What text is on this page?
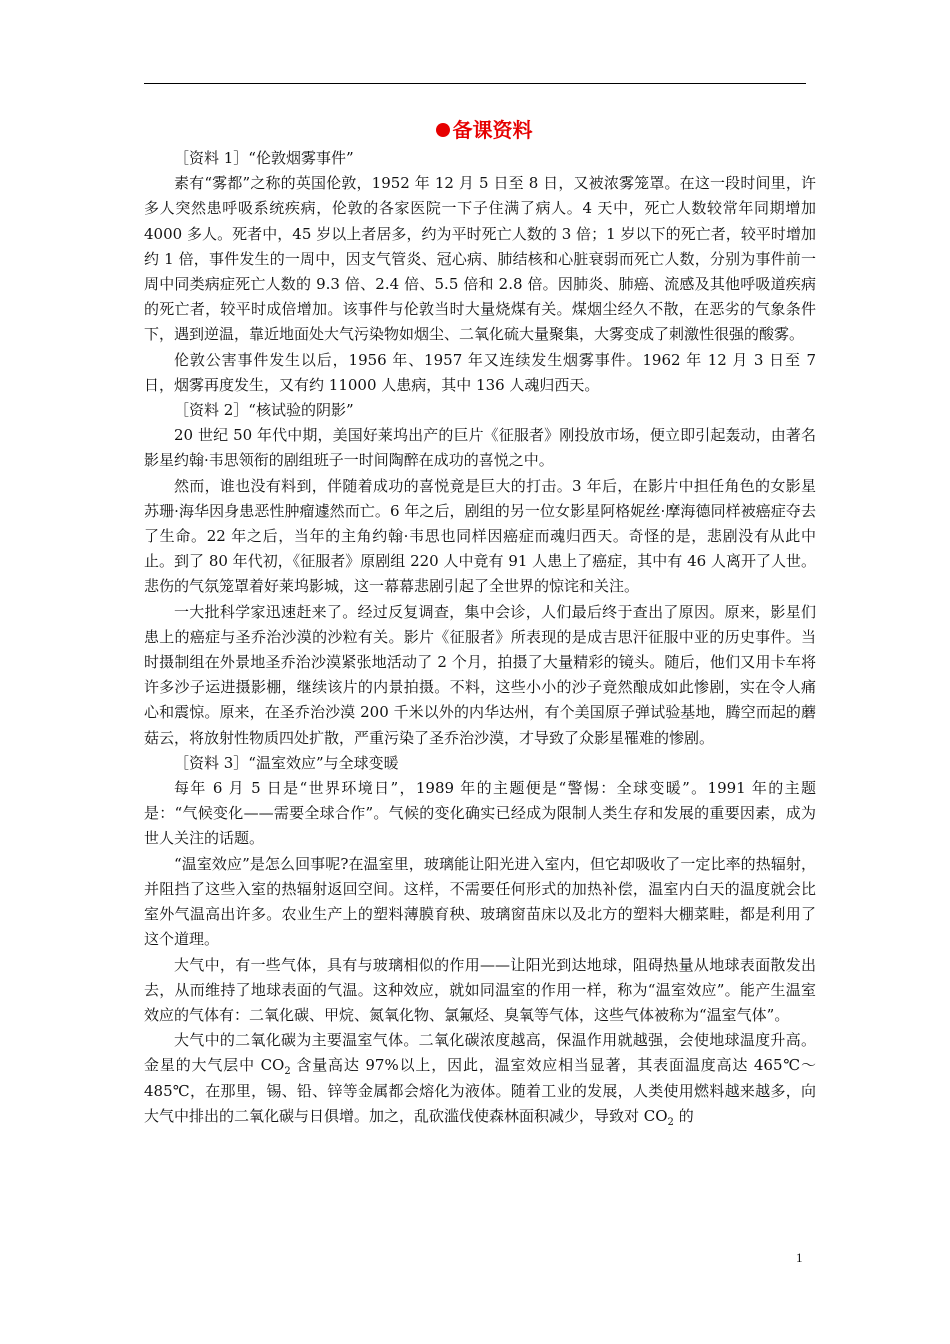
备课资料

［资料 1］“伦敦烟雾事件”

素有“雾都”之称的英国伦敦，1952 年 12 月 5 日至 8 日，又被浓雾笼罩。在这一段时间里，许多人突然患呼吸系统疾病，伦敦的各家医院一下子住满了病人。4 天中，死亡人数较常年同期增加 4000 多人。死者中，45 岁以上者居多，约为平时死亡人数的 3 倍；1 岁以下的死亡者，较平时增加约 1 倍，事件发生的一周中，因支气管炎、冠心病、肺结核和心脏衰弱而死亡人数，分别为事件前一周中同类病症死亡人数的 9.3 倍、2.4 倍、5.5 倍和 2.8 倍。因肺炎、肺癌、流感及其他呼吸道疾病的死亡者，较平时成倍增加。该事件与伦敦当时大量烧煤有关。煤烟尘经久不散，在恶劣的气象条件下，遇到逆温，靠近地面处大气污染物如烟尘、二氧化硫大量聚集，大雾变成了刺激性很强的酸雾。

伦敦公害事件发生以后，1956 年、1957 年又连续发生烟雾事件。1962 年 12 月 3 日至 7 日，烟雾再度发生，又有约 11000 人患病，其中 136 人魂归西天。

［资料 2］“核试验的阴影”

20 世纪 50 年代中期，美国好莱坞出产的巨片《征服者》刚投放市场，便立即引起轰动，由著名影星约翰·韦思领衔的剧组班子一时间陶醉在成功的喜悦之中。

然而，谁也没有料到，伴随着成功的喜悦竟是巨大的打击。3 年后，在影片中担任角色的女影星苏珊·海华因身患恶性肿瘤遽然而亡。6 年之后，剧组的另一位女影星阿格妮丝·摩海德同样被癌症夺去了生命。22 年之后，当年的主角约翰·韦思也同样因癌症而魂归西天。奇怪的是，悲剧没有从此中止。到了 80 年代初，《征服者》原剧组 220 人中竟有 91 人患上了癌症，其中有 46 人离开了人世。悲伤的气氛笼罩着好莱坞影城，这一幕幕悲剧引起了全世界的惊诧和关注。

一大批科学家迅速赶来了。经过反复调查，集中会诊，人们最后终于查出了原因。原来，影星们患上的癌症与圣乔治沙漠的沙粒有关。影片《征服者》所表现的是成吉思汗征服中亚的历史事件。当时摄制组在外景地圣乔治沙漠紧张地活动了 2 个月，拍摄了大量精彩的镜头。随后，他们又用卡车将许多沙子运进摄影棚，继续该片的内景拍摄。不料，这些小小的沙子竟然酿成如此惨剧，实在令人痛心和震惊。原来，在圣乔治沙漠 200 千米以外的内华达州，有个美国原子弹试验基地，腾空而起的蘑菇云，将放射性物质四处扩散，严重污染了圣乔治沙漠，才导致了众影星罹难的惨剧。

［资料 3］“温室效应”与全球变暖

每年 6 月 5 日是“世界环境日”，1989 年的主题便是“警惕：全球变暖”。1991 年的主题是：“气候变化——需要全球合作”。气候的变化确实已经成为限制人类生存和发展的重要因素，成为世人关注的话题。

“温室效应”是怎么回事呢?在温室里，玻璃能让阳光进入室内，但它却吸收了一定比率的热辐射，并阻挡了这些入室的热辐射返回空间。这样，不需要任何形式的加热补偿，温室内白天的温度就会比室外气温高出许多。农业生产上的塑料薄膜育秧、玻璃窗苗床以及北方的塑料大棚菜畦，都是利用了这个道理。

大气中，有一些气体，具有与玻璃相似的作用——让阳光到达地球，阻碍热量从地球表面散发出去，从而维持了地球表面的气温。这种效应，就如同温室的作用一样，称为“温室效应”。能产生温室效应的气体有：二氧化碳、甲烷、氮氧化物、氯氟烃、臭氧等气体，这些气体被称为“温室气体”。

大气中的二氧化碳为主要温室气体。二氧化碳浓度越高，保温作用就越强，会使地球温度升高。金星的大气层中 $CO_2$ 含量高达 97%以上，因此，温室效应相当显著，其表面温度高达 465℃～485℃，在那里，锡、铅、锌等金属都会熔化为液体。随着工业的发展，人类使用燃料越来越多，向大气中排出的二氧化碳与日俱增。加之，乱砍滥伐使森林面积减少，导致对 $CO_2$ 的

1
